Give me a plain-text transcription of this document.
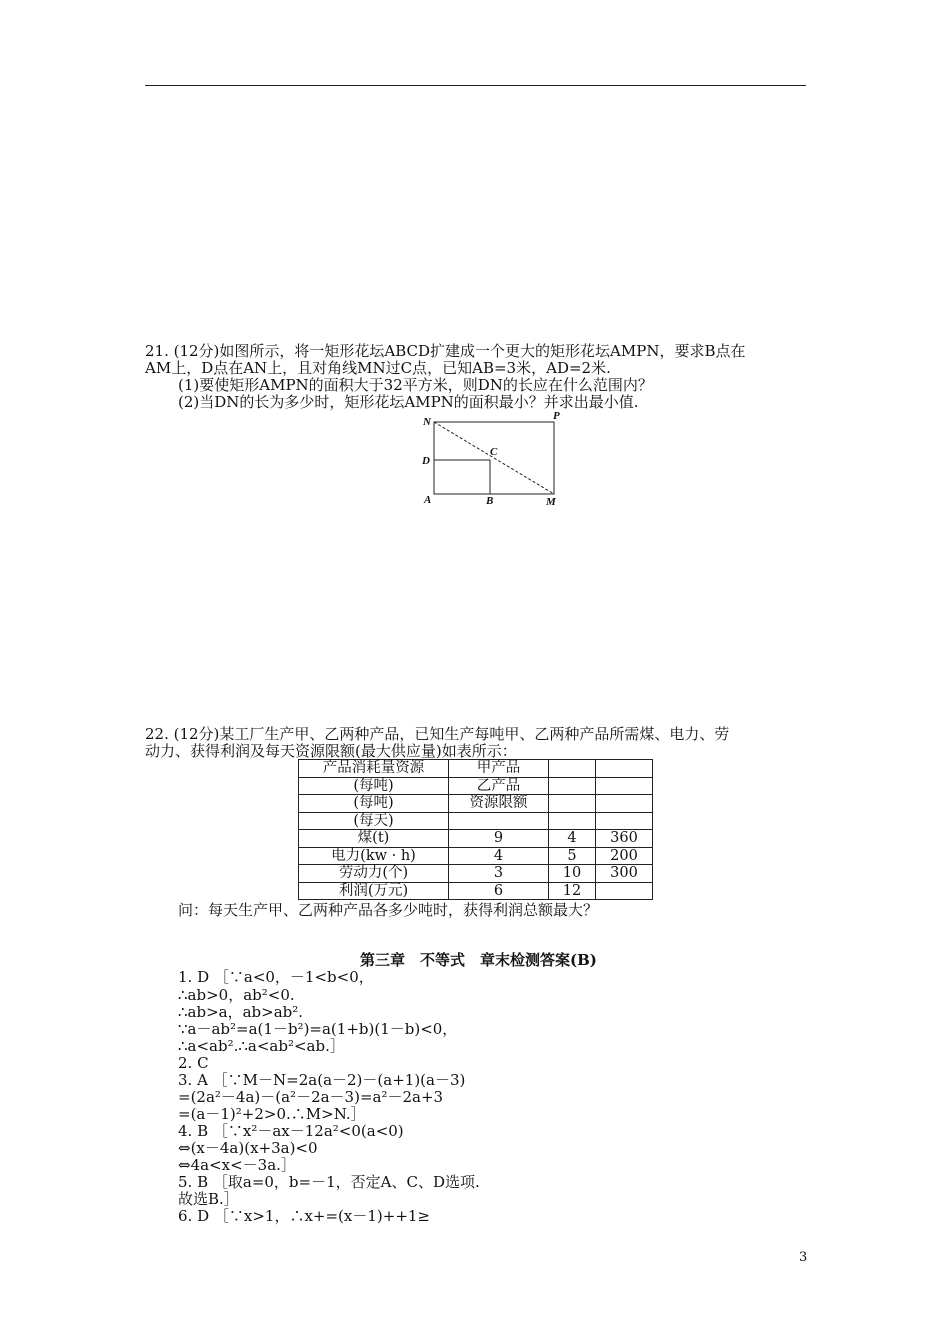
21. (12分)如图所示，将一矩形花坛ABCD扩建成一个更大的矩形花坛AMPN，要求B点在
AM上，D点在AN上，且对角线MN过C点，已知AB=3米，AD=2米.
(1)要使矩形AMPN的面积大于32平方米，则DN的长应在什么范围内？
(2)当DN的长为多少时，矩形花坛AMPN的面积最小？并求出最小值.
N	P
C
D
A	B	M
22. (12分)某工厂生产甲、乙两种产品，已知生产每吨甲、乙两种产品所需煤、电力、劳
动力、获得利润及每天资源限额(最大供应量)如表所示：
产品消耗量资源	甲产品		
(每吨)	乙产品		
(每吨)	资源限额		
(每天)			
煤(t)	9	4	360
电力(kw · h)	4	5	200
劳动力(个)	3	10	300
利润(万元)	6	12	
问：每天生产甲、乙两种产品各多少吨时，获得利润总额最大？
第三章　不等式　章末检测答案(B)
1. D ［∵a<0，－1<b<0，
∴ab>0，ab²<0.
∴ab>a，ab>ab².
∵a－ab²=a(1－b²)=a(1+b)(1－b)<0，
∴a<ab².∴a<ab²<ab.］
2. C
3. A ［∵M－N=2a(a－2)－(a+1)(a－3)
=(2a²－4a)－(a²－2a－3)=a²－2a+3
=(a－1)²+2>0.∴M>N.］
4. B ［∵x²－ax－12a²<0(a<0)
⇔(x－4a)(x+3a)<0
⇔4a<x<－3a.］
5. B ［取a=0，b=－1，否定A、C、D选项.
故选B.］
6. D ［∵x>1，∴x+=(x－1)++1≥
3
